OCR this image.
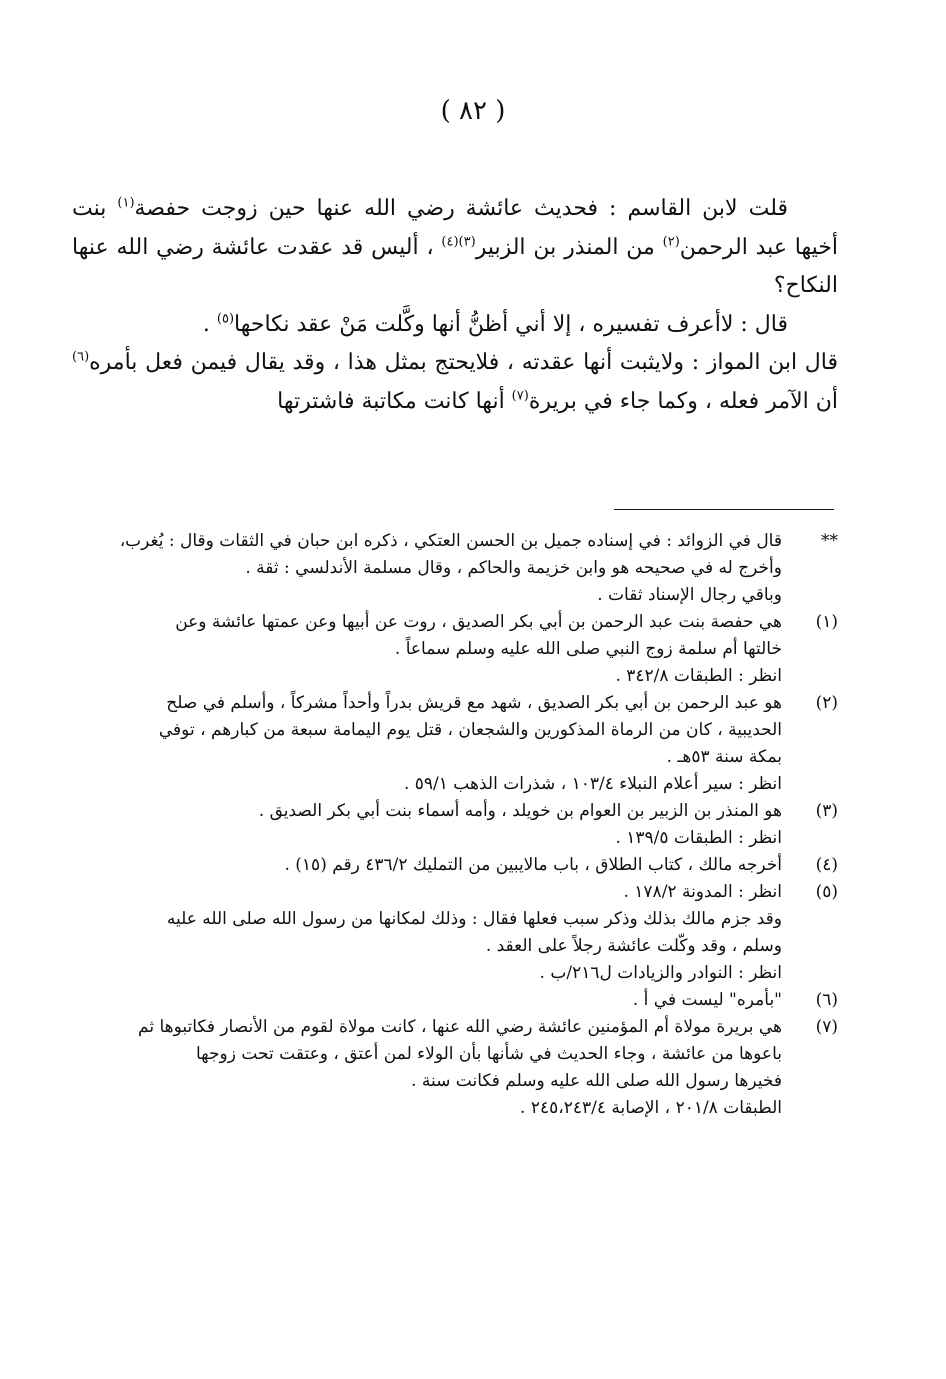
( ٨٢ )

قلت لابن القاسم : فحديث عائشة رضي الله عنها حين زوجت حفصة$^{(١)}$ بنت أخيها عبد الرحمن$^{(٢)}$ من المنذر بن الزبير$^{(٣)(٤)}$ ، أليس قد عقدت عائشة رضي الله عنها النكاح؟

قال : لاأعرف تفسيره ، إلا أني أظنُّ أنها وكَّلت مَنْ عقد نكاحها$^{(٥)}$ .

قال ابن المواز : ولايثبت أنها عقدته ، فلايحتج بمثل هذا ، وقد يقال فيمن فعل بأمره$^{(٦)}$ أن الآمر فعله ، وكما جاء في بريرة$^{(٧)}$ أنها كانت مكاتبة فاشترتها

**
قال في الزوائد : في إسناده جميل بن الحسن العتكي ، ذكره ابن حبان في الثقات وقال : يُغرب،
وأخرج له في صحيحه هو وابن خزيمة والحاكم ، وقال مسلمة الأندلسي : ثقة .
وباقي رجال الإسناد ثقات .
(١)
هي حفصة بنت عبد الرحمن بن أبي بكر الصديق ، روت عن أبيها وعن عمتها عائشة وعن
خالتها أم سلمة زوج النبي صلى الله عليه وسلم سماعاً .
انظر : الطبقات ٣٤٢/٨ .
(٢)
هو عبد الرحمن بن أبي بكر الصديق ، شهد مع قريش بدراً وأحداً مشركاً ، وأسلم في صلح
الحديبية ، كان من الرماة المذكورين والشجعان ، قتل يوم اليمامة سبعة من كبارهم ، توفي
بمكة سنة ٥٣هـ .
انظر : سير أعلام النبلاء ١٠٣/٤ ، شذرات الذهب ٥٩/١ .
(٣)
هو المنذر بن الزبير بن العوام بن خويلد ، وأمه أسماء بنت أبي بكر الصديق .
انظر : الطبقات ١٣٩/٥ .
(٤)
أخرجه مالك ، كتاب الطلاق ، باب مالايبين من التمليك ٤٣٦/٢ رقم (١٥) .
(٥)
انظر : المدونة ١٧٨/٢ .
وقد جزم مالك بذلك وذكر سبب فعلها فقال : وذلك لمكانها من رسول الله صلى الله عليه
وسلم ، وقد وكّلت عائشة رجلاً على العقد .
انظر : النوادر والزيادات ل٢١٦/ب .
(٦)
"بأمره" ليست في أ .
(٧)
هي بريرة مولاة أم المؤمنين عائشة رضي الله عنها ، كانت مولاة لقوم من الأنصار فكاتبوها ثم
باعوها من عائشة ، وجاء الحديث في شأنها بأن الولاء لمن أعتق ، وعتقت تحت زوجها
فخيرها رسول الله صلى الله عليه وسلم فكانت سنة .
الطبقات ٢٠١/٨ ، الإصابة ٢٤٥،٢٤٣/٤ .
